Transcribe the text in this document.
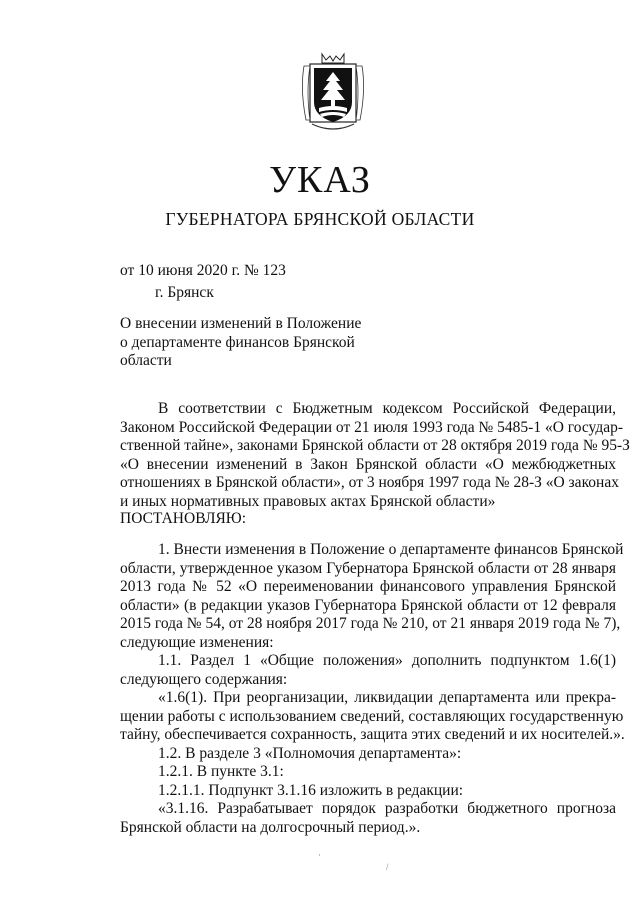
УКАЗ
ГУБЕРНАТОРА БРЯНСКОЙ ОБЛАСТИ
от 10 июня 2020 г. № 123
г. Брянск
О внесении изменений в Положение
о департаменте финансов Брянской
области
В соответствии с Бюджетным кодексом Российской Федерации,
Законом Российской Федерации от 21 июля 1993 года № 5485-1 «О государ-
ственной тайне», законами Брянской области от 28 октября 2019 года № 95-З
«О внесении изменений в Закон Брянской области «О межбюджетных
отношениях в Брянской области», от 3 ноября 1997 года № 28-З «О законах
и иных нормативных правовых актах Брянской области»
ПОСТАНОВЛЯЮ:
1. Внести изменения в Положение о департаменте финансов Брянской
области, утвержденное указом Губернатора Брянской области от 28 января
2013 года № 52 «О переименовании финансового управления Брянской
области» (в редакции указов Губернатора Брянской области от 12 февраля
2015 года № 54, от 28 ноября 2017 года № 210, от 21 января 2019 года № 7),
следующие изменения:
1.1. Раздел 1 «Общие положения» дополнить подпунктом 1.6(1)
следующего содержания:
«1.6(1). При реорганизации, ликвидации департамента или прекра-
щении работы с использованием сведений, составляющих государственную
тайну, обеспечивается сохранность, защита этих сведений и их носителей.».
1.2. В разделе 3 «Полномочия департамента»:
1.2.1. В пункте 3.1:
1.2.1.1. Подпункт 3.1.16 изложить в редакции:
«3.1.16. Разрабатывает порядок разработки бюджетного прогноза
Брянской области на долгосрочный период.».
/
·
